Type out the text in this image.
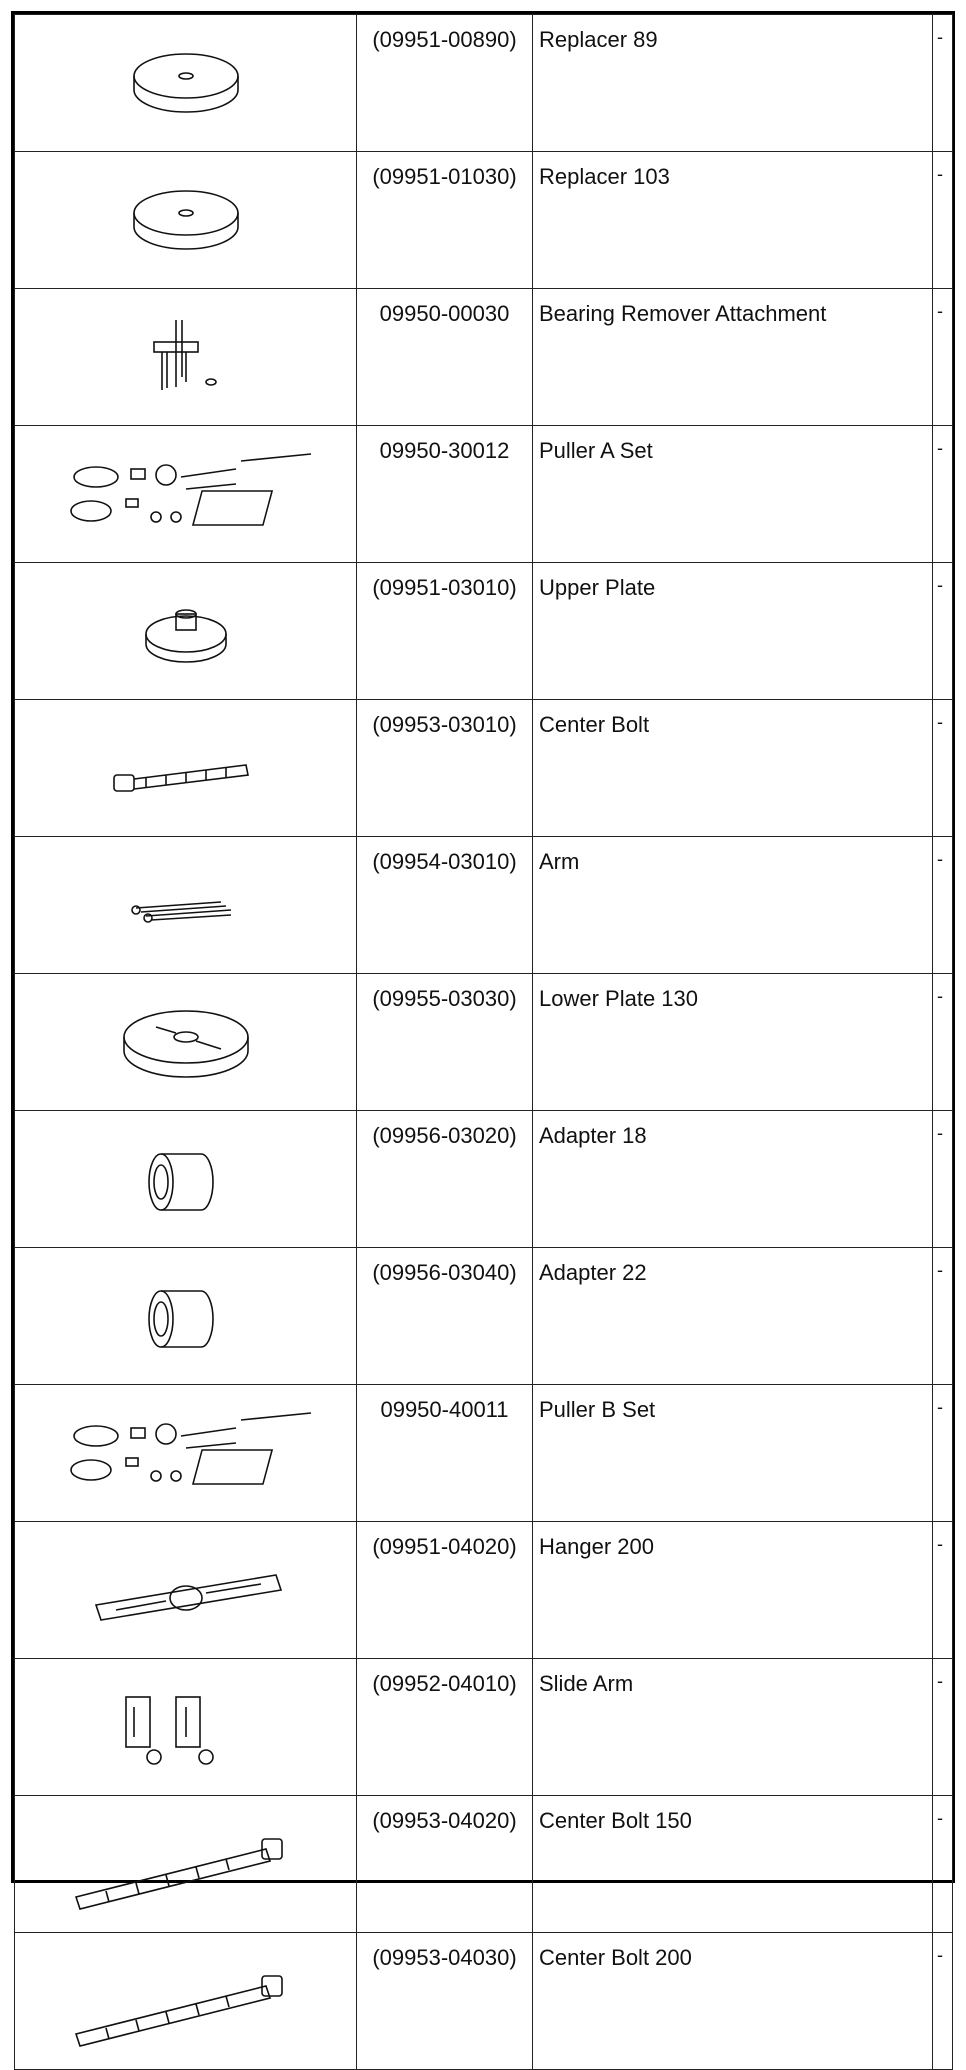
	(09951-00890)	Replacer 89	-

	(09951-01030)	Replacer 103	-

	09950-00030	Bearing Remover Attachment	-

	09950-30012	Puller A Set	-

	(09951-03010)	Upper Plate	-

	(09953-03010)	Center Bolt	-

	(09954-03010)	Arm	-

	(09955-03030)	Lower Plate 130	-

	(09956-03020)	Adapter 18	-

	(09956-03040)	Adapter 22	-

	09950-40011	Puller B Set	-

	(09951-04020)	Hanger 200	-

	(09952-04010)	Slide Arm	-

	(09953-04020)	Center Bolt 150	-

	(09953-04030)	Center Bolt 200	-
